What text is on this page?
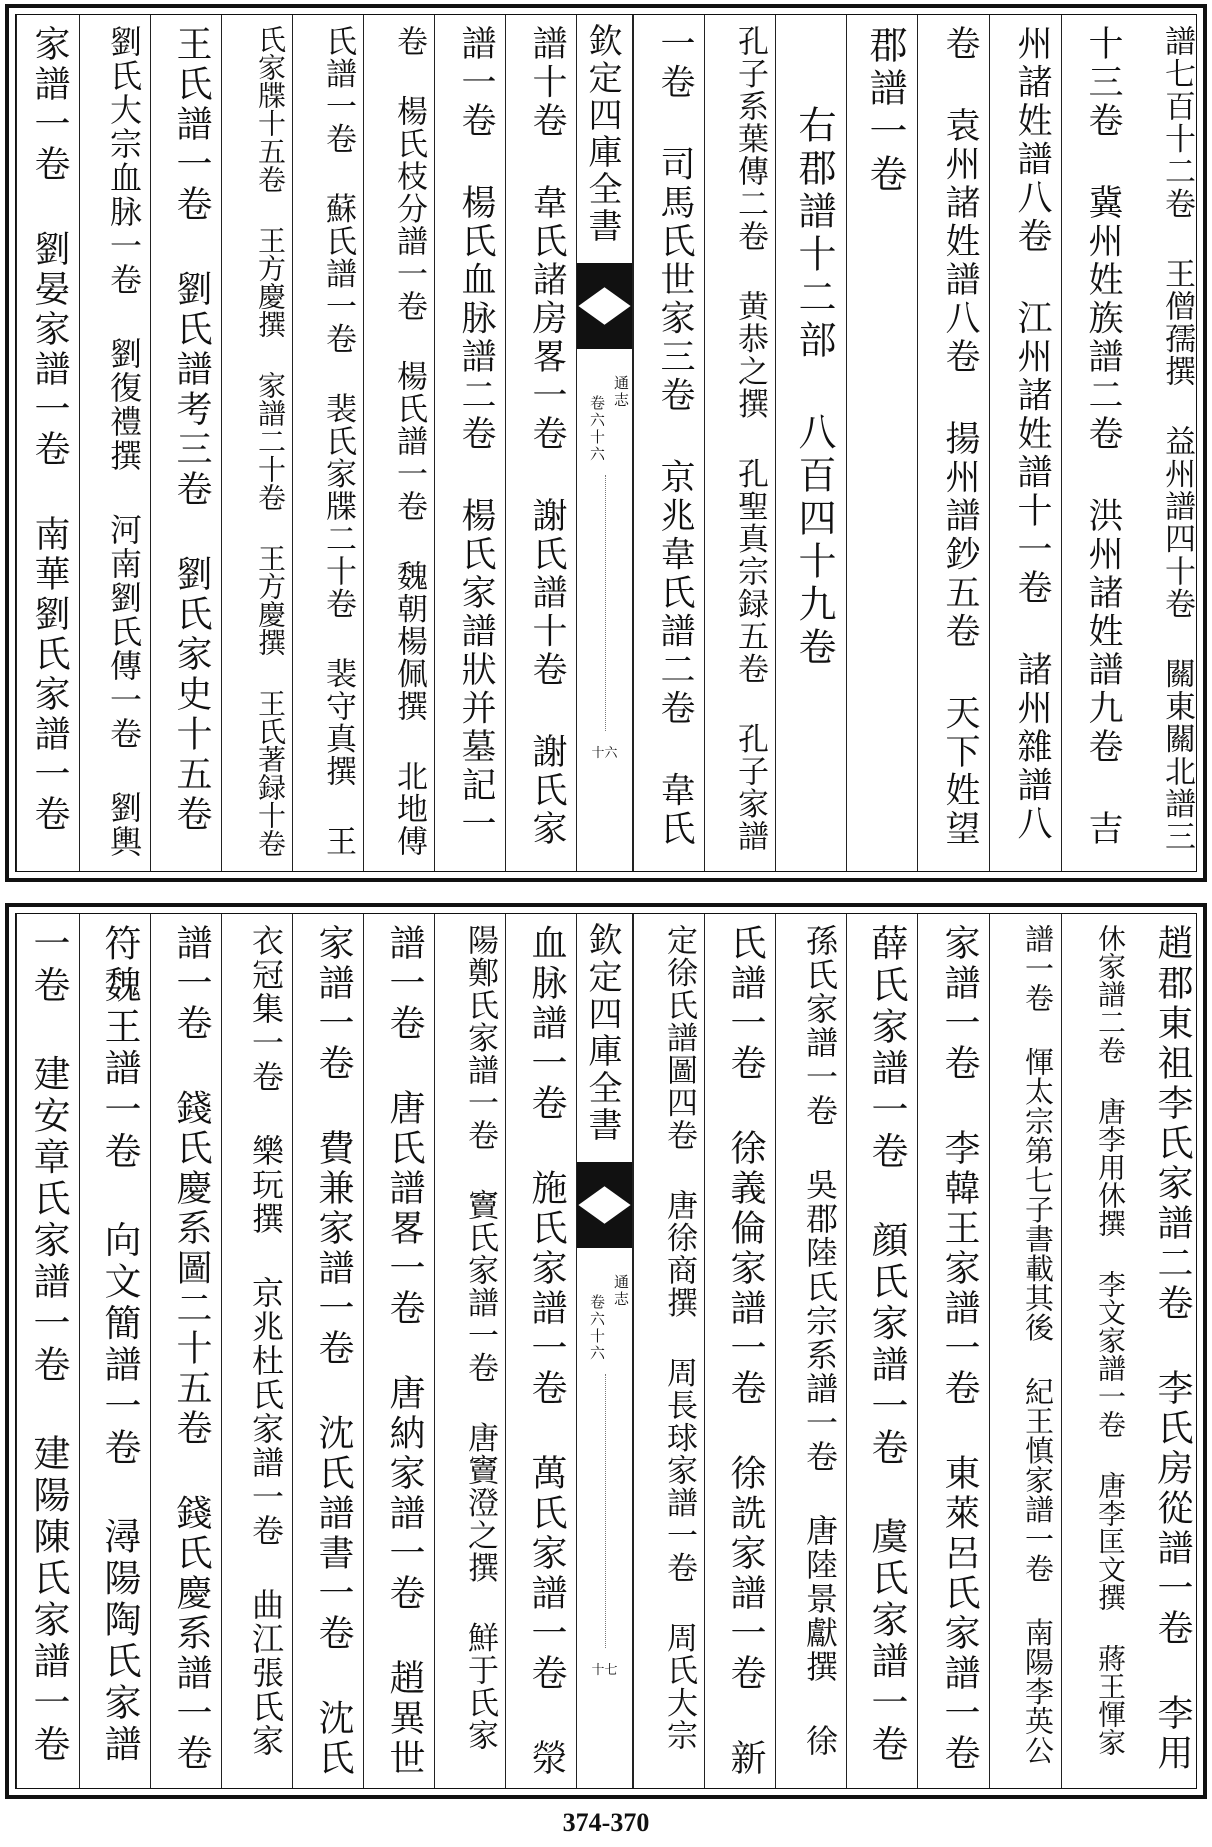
譜七百十二卷 王僧孺撰 益州譜四十卷 關東關北譜三
十三卷 冀州姓族譜二卷 洪州諸姓譜九卷 吉
州諸姓譜八卷 江州諸姓譜十一卷 諸州雜譜八
卷 袁州諸姓譜八卷 揚州譜鈔五卷 天下姓望
郡譜一卷
右郡譜十二部 八百四十九卷
孔子系葉傳二卷 黄恭之撰 孔聖真宗録五卷 孔子家譜
一卷 司馬氏世家三卷 京兆韋氏譜二卷 韋氏
欽定四庫全書
通志
卷六十六
十六
譜十卷 韋氏諸房畧一卷 謝氏譜十卷 謝氏家
譜一卷 楊氏血脉譜二卷 楊氏家譜狀并墓記一
卷 楊氏枝分譜一卷 楊氏譜一卷 魏朝楊佩撰 北地傅
氏譜一卷 蘇氏譜一卷 裴氏家牒二十卷 裴守真撰 王
氏家牒十五卷 王方慶撰 家譜二十卷 王方慶撰 王氏著録十卷
王氏譜一卷 劉氏譜考三卷 劉氏家史十五卷
劉氏大宗血脉一卷 劉復禮撰 河南劉氏傳一卷 劉輿
家譜一卷 劉晏家譜一卷 南華劉氏家譜一卷
趙郡東祖李氏家譜二卷 李氏房從譜一卷 李用
休家譜二卷 唐李用休撰 李文家譜一卷 唐李匡文撰 蔣王惲家
譜一卷 惲太宗第七子書載其後 紀王慎家譜一卷 南陽李英公
家譜一卷 李韓王家譜一卷 東萊呂氏家譜一卷
薛氏家譜一卷 顔氏家譜一卷 虞氏家譜一卷
孫氏家譜一卷 吳郡陸氏宗系譜一卷 唐陸景獻撰 徐
氏譜一卷 徐義倫家譜一卷 徐詵家譜一卷 新
定徐氏譜圖四卷 唐徐商撰 周長球家譜一卷 周氏大宗
欽定四庫全書
通志
卷六十六
十七
血脉譜一卷 施氏家譜一卷 萬氏家譜一卷 滎
陽鄭氏家譜一卷 竇氏家譜一卷 唐竇澄之撰 鮮于氏家
譜一卷 唐氏譜畧一卷 唐納家譜一卷 趙異世
家譜一卷 費兼家譜一卷 沈氏譜書一卷 沈氏
衣冠集一卷 樂玩撰 京兆杜氏家譜一卷 曲江張氏家
譜一卷 錢氏慶系圖二十五卷 錢氏慶系譜一卷
符魏王譜一卷 向文簡譜一卷 潯陽陶氏家譜
一卷 建安章氏家譜一卷 建陽陳氏家譜一卷
374-370
